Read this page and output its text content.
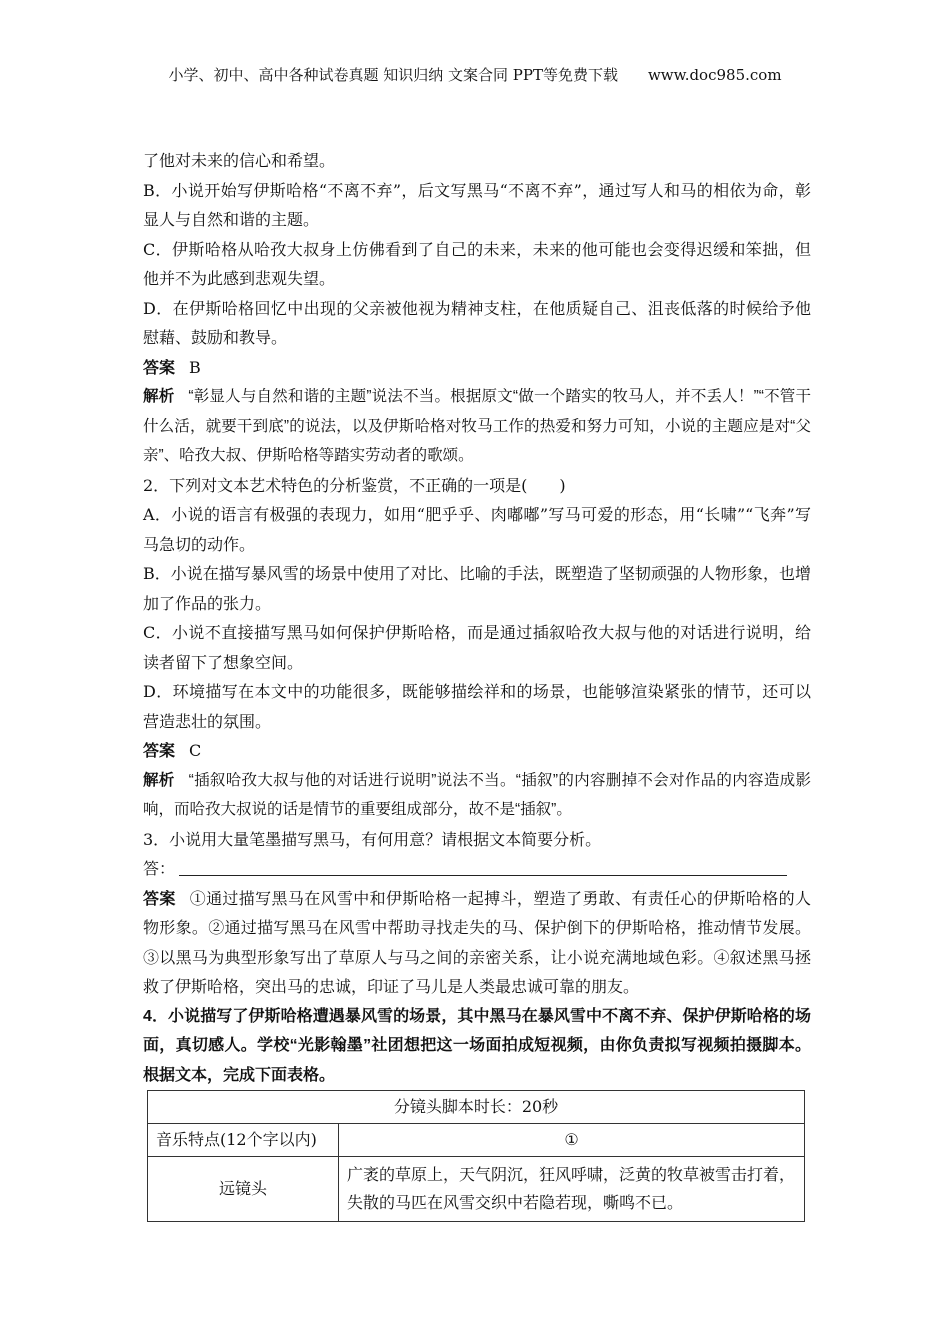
小学、初中、高中各种试卷真题 知识归纳 文案合同 PPT等免费下载　　www.doc985.com

了他对未来的信心和希望。

B．小说开始写伊斯哈格“不离不弃”，后文写黑马“不离不弃”，通过写人和马的相依为命，彰显人与自然和谐的主题。

C．伊斯哈格从哈孜大叔身上仿佛看到了自己的未来，未来的他可能也会变得迟缓和笨拙，但他并不为此感到悲观失望。

D．在伊斯哈格回忆中出现的父亲被他视为精神支柱，在他质疑自己、沮丧低落的时候给予他慰藉、鼓励和教导。

答案 B

解析 “彰显人与自然和谐的主题”说法不当。根据原文“做一个踏实的牧马人，并不丢人！”“不管干什么活，就要干到底”的说法，以及伊斯哈格对牧马工作的热爱和努力可知，小说的主题应是对“父亲”、哈孜大叔、伊斯哈格等踏实劳动者的歌颂。

2．下列对文本艺术特色的分析鉴赏，不正确的一项是(　　)

A．小说的语言有极强的表现力，如用“肥乎乎、肉嘟嘟”写马可爱的形态，用“长啸”“飞奔”写马急切的动作。

B．小说在描写暴风雪的场景中使用了对比、比喻的手法，既塑造了坚韧顽强的人物形象，也增加了作品的张力。

C．小说不直接描写黑马如何保护伊斯哈格，而是通过插叙哈孜大叔与他的对话进行说明，给读者留下了想象空间。

D．环境描写在本文中的功能很多，既能够描绘祥和的场景，也能够渲染紧张的情节，还可以营造悲壮的氛围。

答案 C

解析 “插叙哈孜大叔与他的对话进行说明”说法不当。“插叙”的内容删掉不会对作品的内容造成影响，而哈孜大叔说的话是情节的重要组成部分，故不是“插叙”。

3．小说用大量笔墨描写黑马，有何用意？请根据文本简要分析。

答：

答案 ①通过描写黑马在风雪中和伊斯哈格一起搏斗，塑造了勇敢、有责任心的伊斯哈格的人物形象。②通过描写黑马在风雪中帮助寻找走失的马、保护倒下的伊斯哈格，推动情节发展。③以黑马为典型形象写出了草原人与马之间的亲密关系，让小说充满地域色彩。④叙述黑马拯救了伊斯哈格，突出马的忠诚，印证了马儿是人类最忠诚可靠的朋友。

4．小说描写了伊斯哈格遭遇暴风雪的场景，其中黑马在暴风雪中不离不弃、保护伊斯哈格的场面，真切感人。学校“光影翰墨”社团想把这一场面拍成短视频，由你负责拟写视频拍摄脚本。根据文本，完成下面表格。

分镜头脚本时长：20秒	
音乐特点(12个字以内)	①
远镜头	广袤的草原上，天气阴沉，狂风呼啸，泛黄的牧草被雪击打着，失散的马匹在风雪交织中若隐若现，嘶鸣不已。
